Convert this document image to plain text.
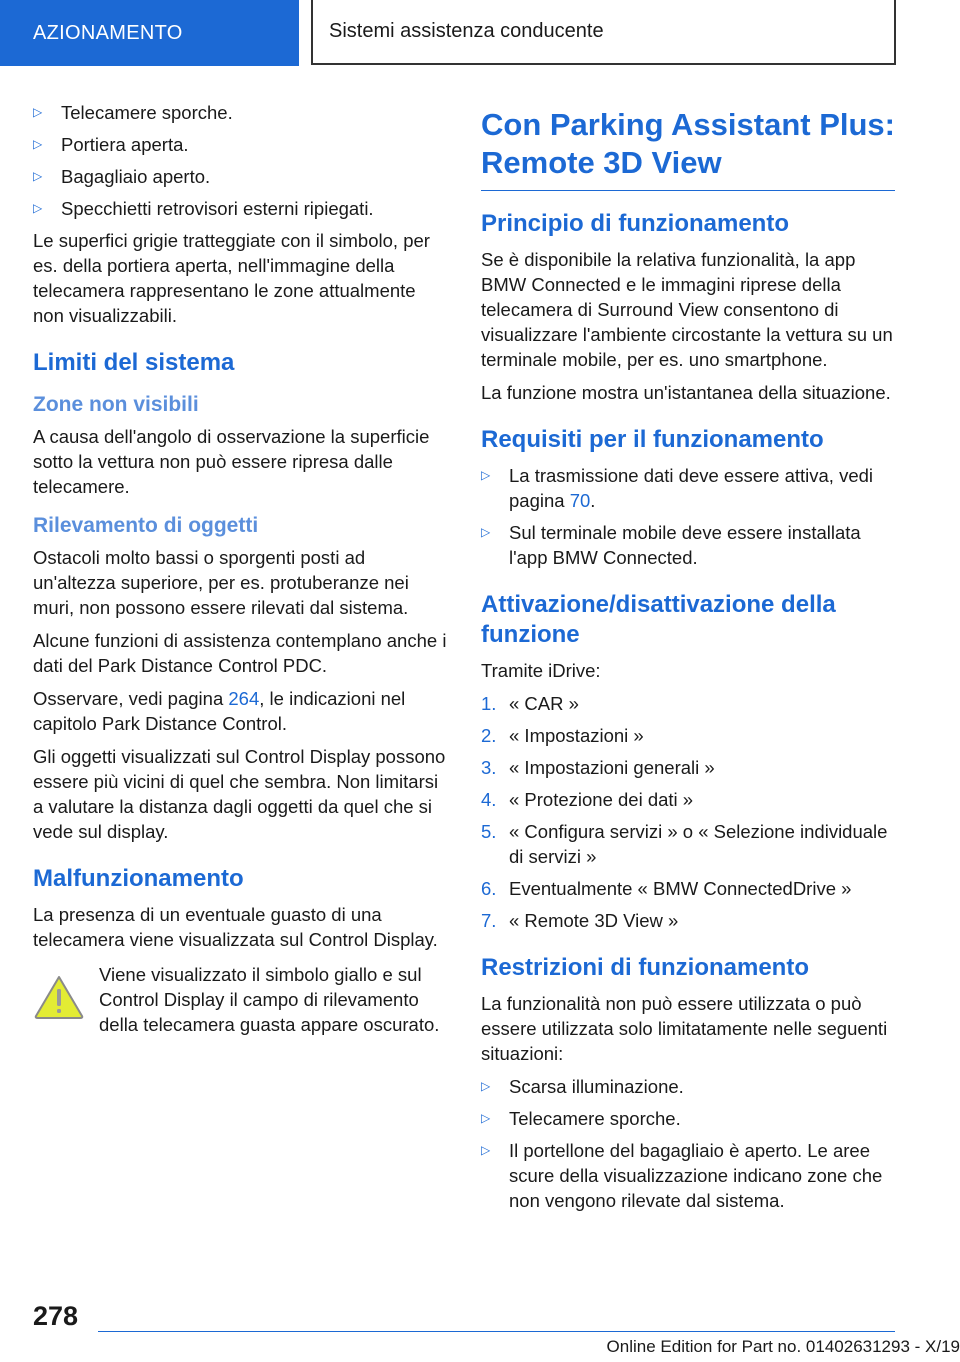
AZIONAMENTO	Sistemi assistenza conducente
▷ Telecamere sporche.
▷ Portiera aperta.
▷ Bagagliaio aperto.
▷ Specchietti retrovisori esterni ripiegati.

Le superfici grigie tratteggiate con il simbolo, per es. della portiera aperta, nell'immagine della telecamera rappresentano le zone attualmente non visualizzabili.

Limiti del sistema
Zone non visibili

A causa dell'angolo di osservazione la superficie sotto la vettura non può essere ripresa dalle telecamere.

Rilevamento di oggetti

Ostacoli molto bassi o sporgenti posti ad un'altezza superiore, per es. protuberanze nei muri, non possono essere rilevati dal sistema.

Alcune funzioni di assistenza contemplano anche i dati del Park Distance Control PDC.

Osservare, vedi pagina 264, le indicazioni nel capitolo Park Distance Control.

Gli oggetti visualizzati sul Control Display possono essere più vicini di quel che sembra. Non limitarsi a valutare la distanza dagli oggetti da quel che si vede sul display.

Malfunzionamento

La presenza di un eventuale guasto di una telecamera viene visualizzata sul Control Display.

Viene visualizzato il simbolo giallo e sul Control Display il campo di rilevamento della telecamera guasta appare oscurato.

Con Parking Assistant Plus: Remote 3D View
Principio di funzionamento

Se è disponibile la relativa funzionalità, la app BMW Connected e le immagini riprese della telecamera di Surround View consentono di visualizzare l'ambiente circostante la vettura su un terminale mobile, per es. uno smartphone.

La funzione mostra un'istantanea della situazione.

Requisiti per il funzionamento
▷ La trasmissione dati deve essere attiva, vedi pagina 70.
▷ Sul terminale mobile deve essere installata l'app BMW Connected.
Attivazione/disattivazione della funzione

Tramite iDrive:

1. « CAR »
2. « Impostazioni »
3. « Impostazioni generali »
4. « Protezione dei dati »
5. « Configura servizi » o « Selezione individuale di servizi »
6. Eventualmente « BMW ConnectedDrive »
7. « Remote 3D View »
Restrizioni di funzionamento

La funzionalità non può essere utilizzata o può essere utilizzata solo limitatamente nelle seguenti situazioni:

▷ Scarsa illuminazione.
▷ Telecamere sporche.
▷ Il portellone del bagagliaio è aperto. Le aree scure della visualizzazione indicano zone che non vengono rilevate dal sistema.
278
Online Edition for Part no. 01402631293 - X/19
